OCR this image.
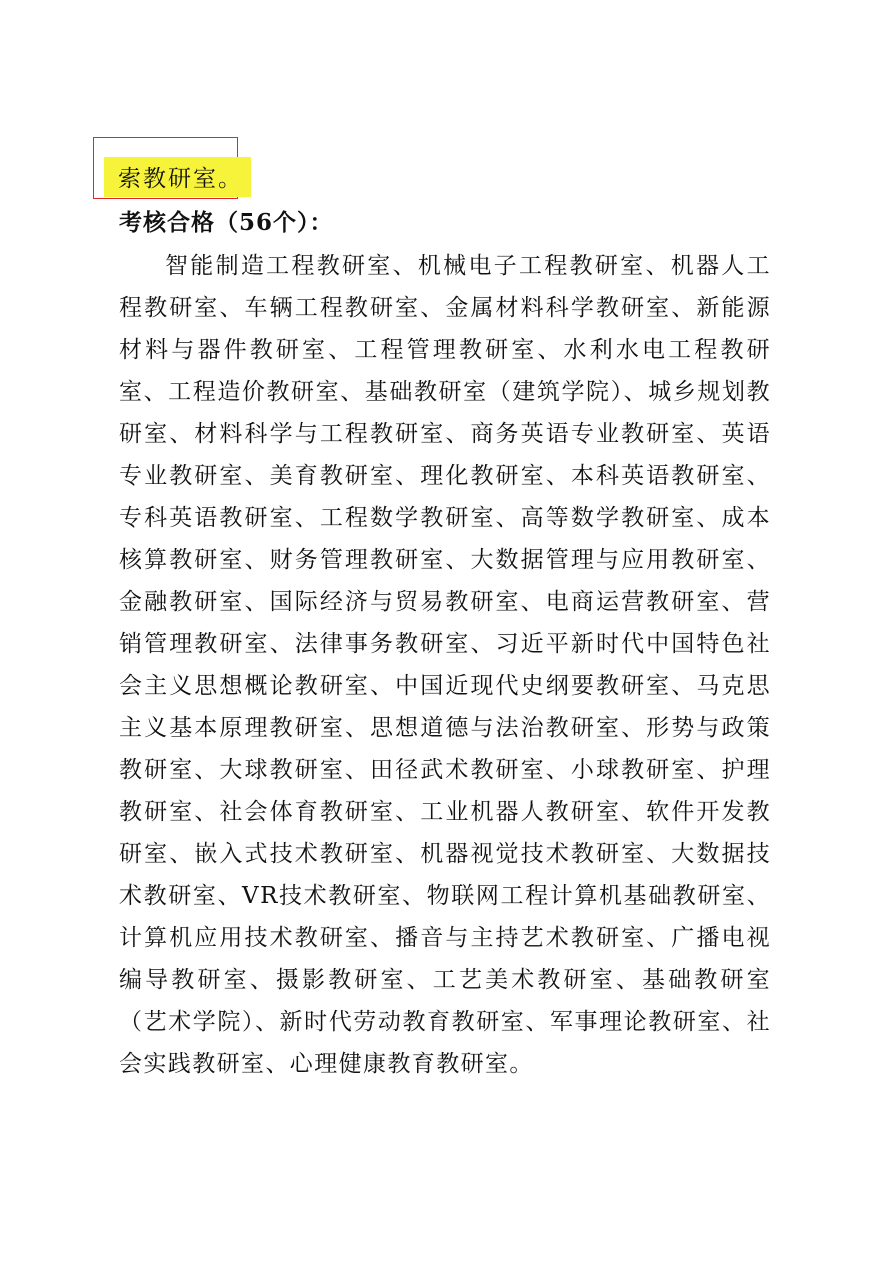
索教研室。
考核合格（56个）：

智能制造工程教研室、机械电子工程教研室、机器人工程教研室、车辆工程教研室、金属材料科学教研室、新能源材料与器件教研室、工程管理教研室、水利水电工程教研室、工程造价教研室、基础教研室（建筑学院）、城乡规划教研室、材料科学与工程教研室、商务英语专业教研室、英语专业教研室、美育教研室、理化教研室、本科英语教研室、专科英语教研室、工程数学教研室、高等数学教研室、成本核算教研室、财务管理教研室、大数据管理与应用教研室、金融教研室、国际经济与贸易教研室、电商运营教研室、营销管理教研室、法律事务教研室、习近平新时代中国特色社会主义思想概论教研室、中国近现代史纲要教研室、马克思主义基本原理教研室、思想道德与法治教研室、形势与政策教研室、大球教研室、田径武术教研室、小球教研室、护理教研室、社会体育教研室、工业机器人教研室、软件开发教研室、嵌入式技术教研室、机器视觉技术教研室、大数据技术教研室、VR技术教研室、物联网工程计算机基础教研室、计算机应用技术教研室、播音与主持艺术教研室、广播电视编导教研室、摄影教研室、工艺美术教研室、基础教研室（艺术学院）、新时代劳动教育教研室、军事理论教研室、社会实践教研室、心理健康教育教研室。
